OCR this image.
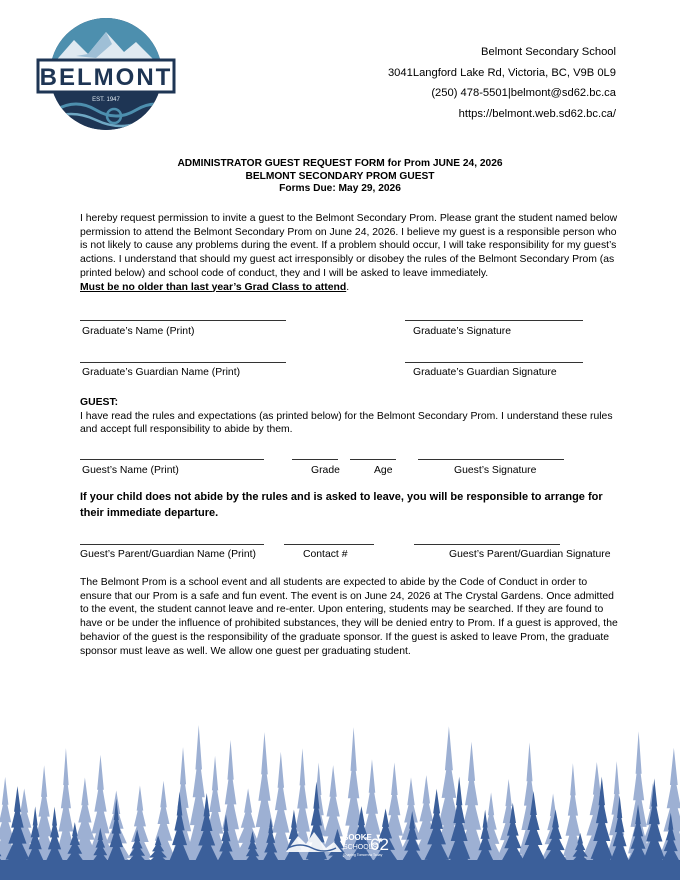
BELMONT
EST. 1947
Belmont Secondary School
3041Langford Lake Rd, Victoria, BC, V9B 0L9
(250) 478-5501|belmont@sd62.bc.ca
https://belmont.web.sd62.bc.ca/
ADMINISTRATOR GUEST REQUEST FORM for Prom JUNE 24, 2026
BELMONT SECONDARY PROM GUEST
Forms Due: May 29, 2026
I hereby request permission to invite a guest to the Belmont Secondary Prom. Please grant the student named below permission to attend the Belmont Secondary Prom on June 24, 2026. I believe my guest is a responsible person who is not likely to cause any problems during the event. If a problem should occur, I will take responsibility for my guest’s actions. I understand that should my guest act irresponsibly or disobey the rules of the Belmont Secondary Prom (as printed below) and school code of conduct, they and I will be asked to leave immediately.
Must be no older than last year’s Grad Class to attend.
Graduate’s Name (Print)	Graduate’s Signature
Graduate’s Guardian Name (Print)	Graduate’s Guardian Signature
GUEST:
I have read the rules and expectations (as printed below) for the Belmont Secondary Prom. I understand these rules and accept full responsibility to abide by them.
Guest’s Name (Print)	Grade	Age	Guest’s Signature
If your child does not abide by the rules and is asked to leave, you will be responsible to arrange for their immediate departure.
Guest’s Parent/Guardian Name (Print)	Contact #	Guest’s Parent/Guardian Signature
The Belmont Prom is a school event and all students are expected to abide by the Code of Conduct in order to ensure that our Prom is a safe and fun event. The event is on June 24, 2026 at The Crystal Gardens. Once admitted to the event, the student cannot leave and re-enter. Upon entering, students may be searched. If they are found to have or be under the influence of prohibited substances, they will be denied entry to Prom. If a guest is approved, the behavior of the guest is the responsibility of the graduate sponsor. If the guest is asked to leave Prom, the graduate sponsor must leave as well. We allow one guest per graduating student.
SOOKE
SCHOOLS
62
Shaping Tomorrow Today
